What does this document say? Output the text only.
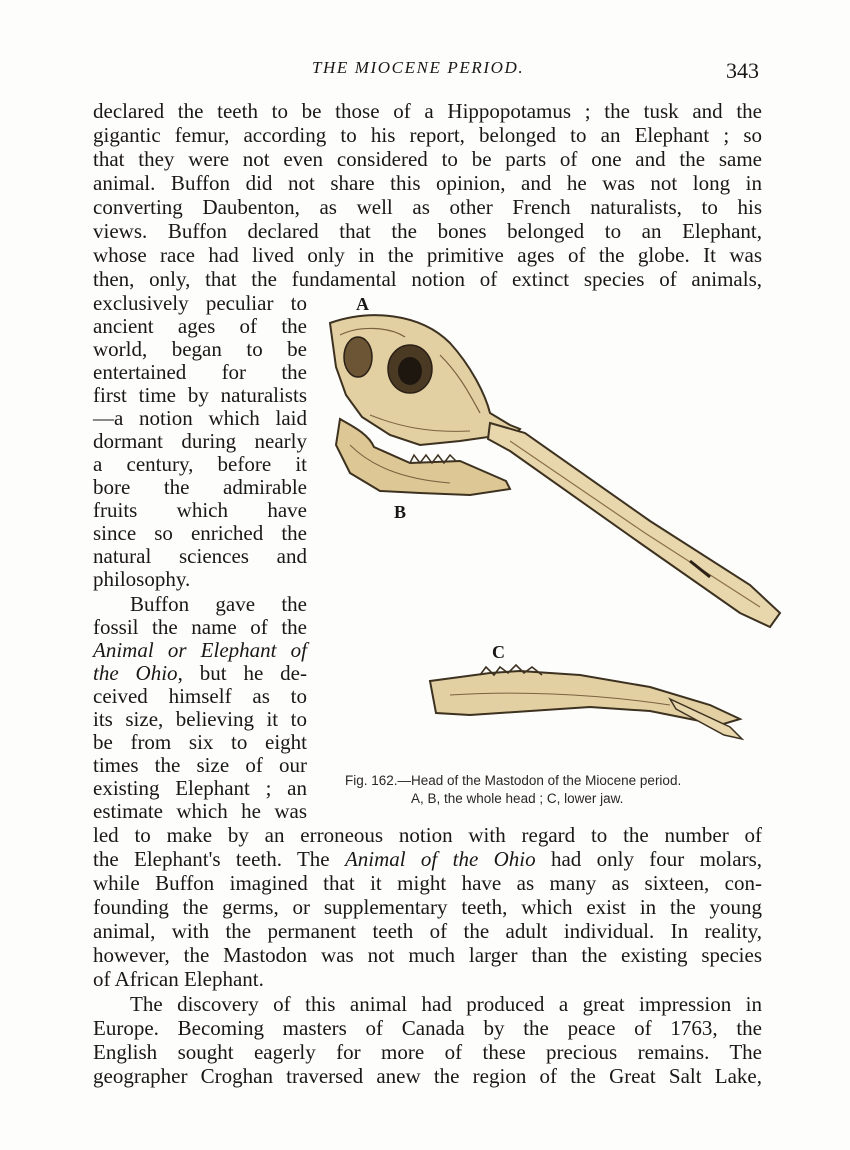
THE MIOCENE PERIOD.	343
declared the teeth to be those of a Hippopotamus ; the tusk and the
gigantic femur, according to his report, belonged to an Elephant ; so
that they were not even considered to be parts of one and the same
animal. Buffon did not share this opinion, and he was not long in
converting Daubenton, as well as other French naturalists, to his
views. Buffon declared that the bones belonged to an Elephant,
whose race had lived only in the primitive ages of the globe. It was
then, only, that the fundamental notion of extinct species of animals,
exclusively peculiar to
ancient ages of the
world, began to be
entertained for the
first time by naturalists
—a notion which laid
dormant during nearly
a century, before it
bore the admirable
fruits which have
since so enriched the
natural sciences and
philosophy.
Buffon gave the
fossil the name of the
Animal or Elephant of
the Ohio, but he de-
ceived himself as to
its size, believing it to
be from six to eight
times the size of our
existing Elephant ; an
estimate which he was
led to make by an erroneous notion with regard to the number of
the Elephant's teeth. The Animal of the Ohio had only four molars,
while Buffon imagined that it might have as many as sixteen, con-
founding the germs, or supplementary teeth, which exist in the young
animal, with the permanent teeth of the adult individual. In reality,
however, the Mastodon was not much larger than the existing species
of African Elephant.
The discovery of this animal had produced a great impression in
Europe. Becoming masters of Canada by the peace of 1763, the
English sought eagerly for more of these precious remains. The
geographer Croghan traversed anew the region of the Great Salt Lake,
A
B
C
Fig. 162.—Head of the Mastodon of the Miocene period.
A, B, the whole head ; C, lower jaw.
